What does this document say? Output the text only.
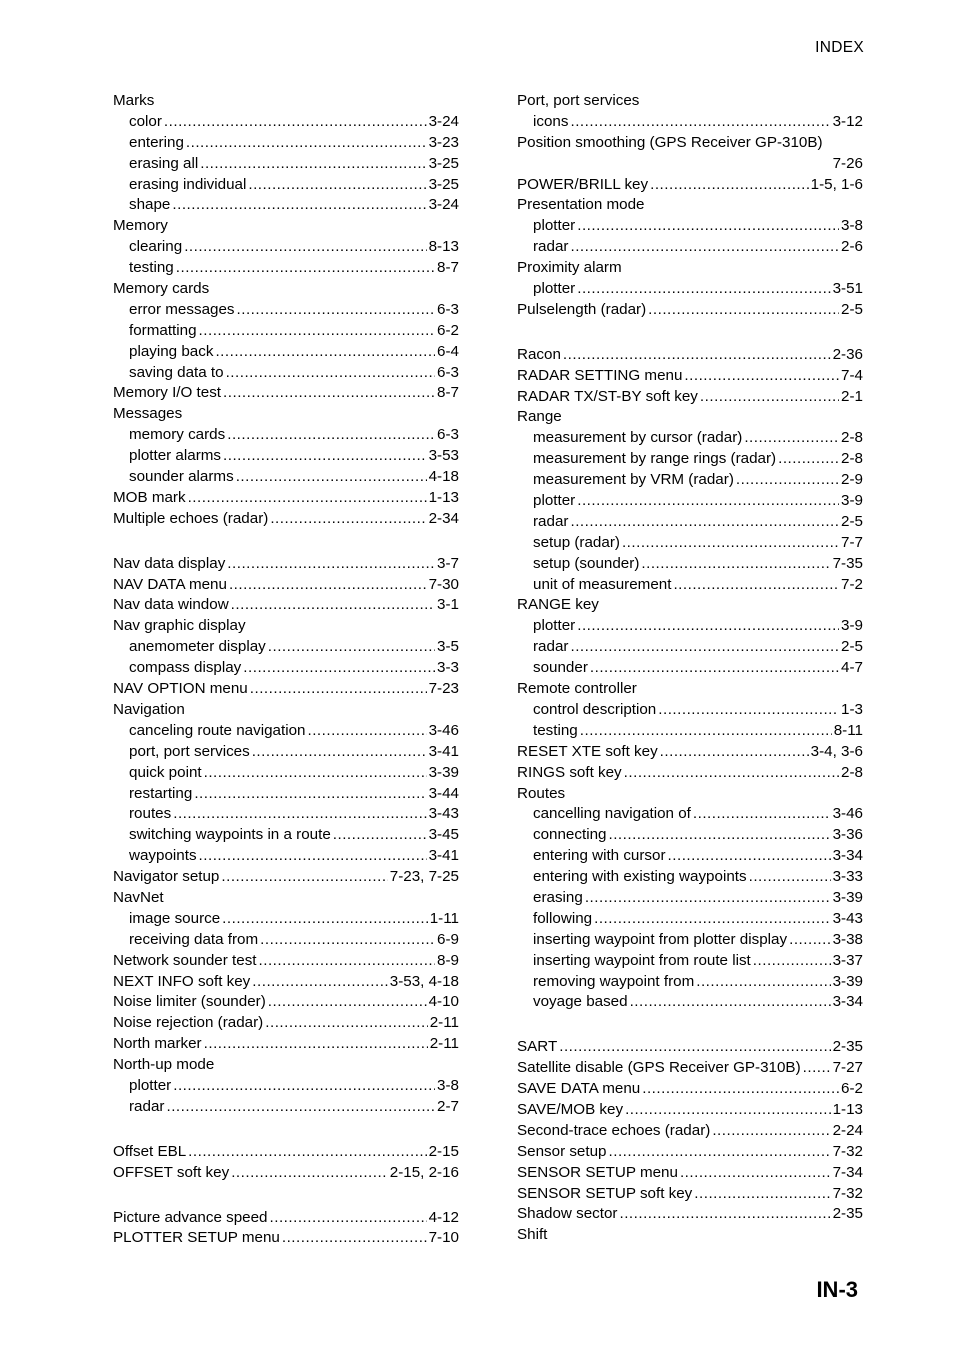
INDEX
Marks
color .....	3-24
entering .....	3-23
erasing all .....	3-25
erasing individual .....	3-25
shape .....	3-24
Memory
clearing .....	8-13
testing .....	8-7
Memory cards
error messages .....	6-3
formatting .....	6-2
playing back .....	6-4
saving data to .....	6-3
Memory I/O test .....	8-7
Messages
memory cards .....	6-3
plotter alarms .....	3-53
sounder alarms .....	4-18
MOB mark .....	1-13
Multiple echoes (radar) .....	2-34
Nav data display .....	3-7
NAV DATA menu .....	7-30
Nav data window .....	3-1
Nav graphic display
anemometer display .....	3-5
compass display .....	3-3
NAV OPTION menu .....	7-23
Navigation
canceling route navigation .....	3-46
port, port services .....	3-41
quick point .....	3-39
restarting .....	3-44
routes .....	3-43
switching waypoints in a route .....	3-45
waypoints .....	3-41
Navigator setup .....	7-23, 7-25
NavNet
image source .....	1-11
receiving data from .....	6-9
Network sounder test .....	8-9
NEXT INFO soft key .....	3-53, 4-18
Noise limiter (sounder) .....	4-10
Noise rejection (radar) .....	2-11
North marker .....	2-11
North-up mode
plotter .....	3-8
radar .....	2-7
Offset EBL .....	2-15
OFFSET soft key .....	2-15, 2-16
Picture advance speed .....	4-12
PLOTTER SETUP menu .....	7-10
Port, port services
icons .....	3-12
Position smoothing (GPS Receiver GP-310B)
7-26
POWER/BRILL key .....	1-5, 1-6
Presentation mode
plotter .....	3-8
radar .....	2-6
Proximity alarm
plotter .....	3-51
Pulselength (radar) .....	2-5
Racon .....	2-36
RADAR SETTING menu .....	7-4
RADAR TX/ST-BY soft key .....	2-1
Range
measurement by cursor (radar) .....	2-8
measurement by range rings (radar) .....	2-8
measurement by VRM (radar) .....	2-9
plotter .....	3-9
radar .....	2-5
setup (radar) .....	7-7
setup (sounder) .....	7-35
unit of measurement .....	7-2
RANGE key
plotter .....	3-9
radar .....	2-5
sounder .....	4-7
Remote controller
control description .....	1-3
testing .....	8-11
RESET XTE soft key .....	3-4, 3-6
RINGS soft key .....	2-8
Routes
cancelling navigation of .....	3-46
connecting .....	3-36
entering with cursor .....	3-34
entering with existing waypoints .....	3-33
erasing .....	3-39
following .....	3-43
inserting waypoint from plotter display .....	3-38
inserting waypoint from route list .....	3-37
removing waypoint from .....	3-39
voyage based .....	3-34
SART .....	2-35
Satellite disable (GPS Receiver GP-310B) ..... 7-27
SAVE DATA menu .....	6-2
SAVE/MOB key .....	1-13
Second-trace echoes (radar) .....	2-24
Sensor setup .....	7-32
SENSOR SETUP menu .....	7-34
SENSOR SETUP soft key .....	7-32
Shadow sector .....	2-35
Shift
IN-3
